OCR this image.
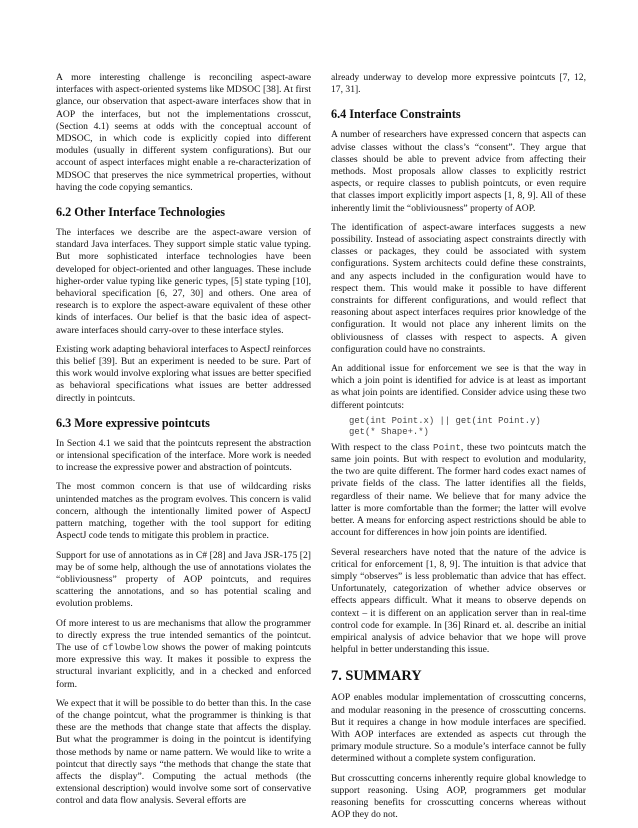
A more interesting challenge is reconciling aspect-aware interfaces with aspect-oriented systems like MDSOC [38]. At first glance, our observation that aspect-aware interfaces show that in AOP the interfaces, but not the implementations crosscut, (Section 4.1) seems at odds with the conceptual account of MDSOC, in which code is explicitly copied into different modules (usually in different system configurations). But our account of aspect interfaces might enable a re-characterization of MDSOC that preserves the nice symmetrical properties, without having the code copying semantics.

6.2 Other Interface Technologies

The interfaces we describe are the aspect-aware version of standard Java interfaces. They support simple static value typing. But more sophisticated interface technologies have been developed for object-oriented and other languages. These include higher-order value typing like generic types, [5] state typing [10], behavioral specification [6, 27, 30] and others. One area of research is to explore the aspect-aware equivalent of these other kinds of interfaces. Our belief is that the basic idea of aspect-aware interfaces should carry-over to these interface styles.

Existing work adapting behavioral interfaces to AspectJ reinforces this belief [39]. But an experiment is needed to be sure. Part of this work would involve exploring what issues are better specified as behavioral specifications what issues are better addressed directly in pointcuts.

6.3 More expressive pointcuts

In Section 4.1 we said that the pointcuts represent the abstraction or intensional specification of the interface. More work is needed to increase the expressive power and abstraction of pointcuts.

The most common concern is that use of wildcarding risks unintended matches as the program evolves. This concern is valid concern, although the intentionally limited power of AspectJ pattern matching, together with the tool support for editing AspectJ code tends to mitigate this problem in practice.

Support for use of annotations as in C# [28] and Java JSR-175 [2] may be of some help, although the use of annotations violates the “obliviousness” property of AOP pointcuts, and requires scattering the annotations, and so has potential scaling and evolution problems.

Of more interest to us are mechanisms that allow the programmer to directly express the true intended semantics of the pointcut. The use of cflowbelow shows the power of making pointcuts more expressive this way. It makes it possible to express the structural invariant explicitly, and in a checked and enforced form.

We expect that it will be possible to do better than this. In the case of the change pointcut, what the programmer is thinking is that these are the methods that change state that affects the display. But what the programmer is doing in the pointcut is identifying those methods by name or name pattern. We would like to write a pointcut that directly says “the methods that change the state that affects the display”. Computing the actual methods (the extensional description) would involve some sort of conservative control and data flow analysis. Several efforts are

already underway to develop more expressive pointcuts [7, 12, 17, 31].

6.4 Interface Constraints

A number of researchers have expressed concern that aspects can advise classes without the class’s “consent”. They argue that classes should be able to prevent advice from affecting their methods. Most proposals allow classes to explicitly restrict aspects, or require classes to publish pointcuts, or even require that classes import explicitly import aspects [1, 8, 9]. All of these inherently limit the “obliviousness” property of AOP.

The identification of aspect-aware interfaces suggests a new possibility. Instead of associating aspect constraints directly with classes or packages, they could be associated with system configurations. System architects could define these constraints, and any aspects included in the configuration would have to respect them. This would make it possible to have different constraints for different configurations, and would reflect that reasoning about aspect interfaces requires prior knowledge of the configuration. It would not place any inherent limits on the obliviousness of classes with respect to aspects. A given configuration could have no constraints.

An additional issue for enforcement we see is that the way in which a join point is identified for advice is at least as important as what join points are identified. Consider advice using these two different pointcuts:

get(int Point.x) || get(int Point.y)
get(* Shape+.*)

With respect to the class Point, these two pointcuts match the same join points. But with respect to evolution and modularity, the two are quite different. The former hard codes exact names of private fields of the class. The latter identifies all the fields, regardless of their name. We believe that for many advice the latter is more comfortable than the former; the latter will evolve better. A means for enforcing aspect restrictions should be able to account for differences in how join points are identified.

Several researchers have noted that the nature of the advice is critical for enforcement [1, 8, 9]. The intuition is that advice that simply “observes” is less problematic than advice that has effect. Unfortunately, categorization of whether advice observes or effects appears difficult. What it means to observe depends on context – it is different on an application server than in real-time control code for example. In [36] Rinard et. al. describe an initial empirical analysis of advice behavior that we hope will prove helpful in better understanding this issue.

7. SUMMARY

AOP enables modular implementation of crosscutting concerns, and modular reasoning in the presence of crosscutting concerns. But it requires a change in how module interfaces are specified. With AOP interfaces are extended as aspects cut through the primary module structure. So a module’s interface cannot be fully determined without a complete system configuration.

But crosscutting concerns inherently require global knowledge to support reasoning. Using AOP, programmers get modular reasoning benefits for crosscutting concerns whereas without AOP they do not.
